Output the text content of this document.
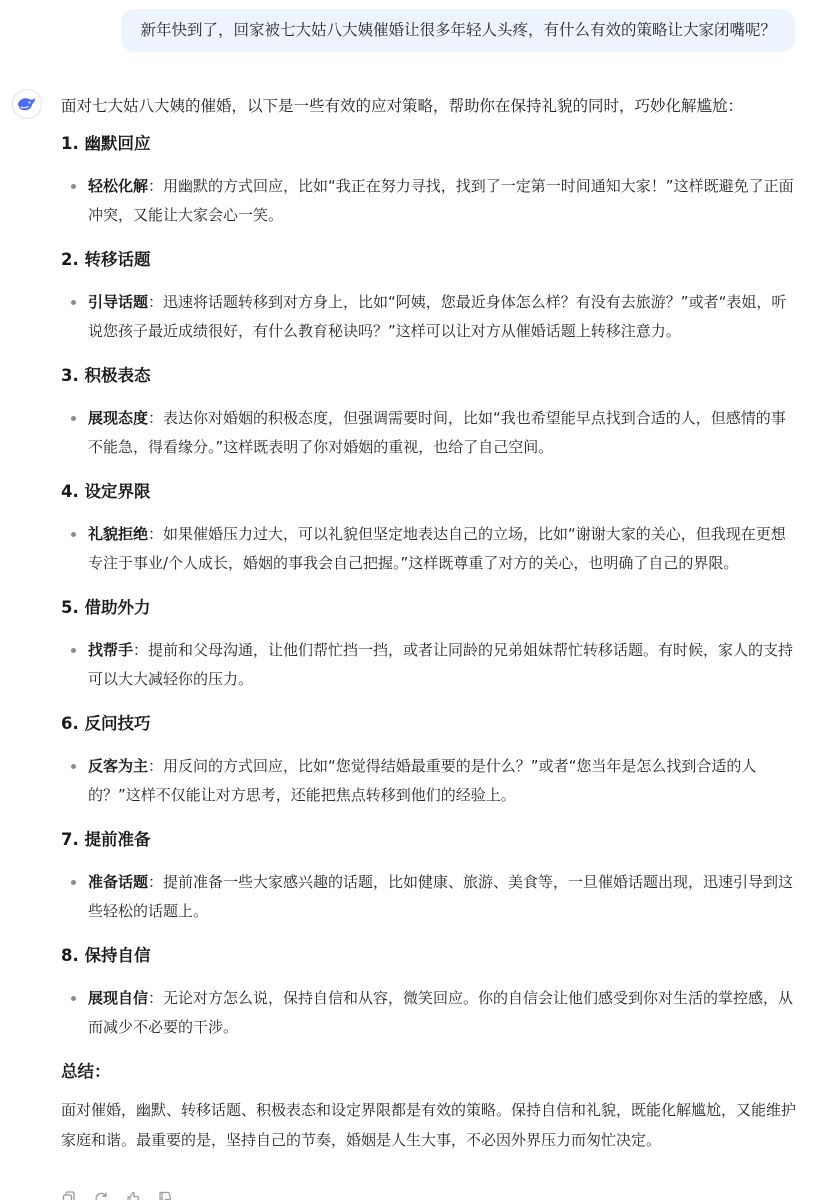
新年快到了，回家被七大姑八大姨催婚让很多年轻人头疼，有什么有效的策略让大家闭嘴呢？

面对七大姑八大姨的催婚，以下是一些有效的应对策略，帮助你在保持礼貌的同时，巧妙化解尴尬：

1. 幽默回应
轻松化解：用幽默的方式回应，比如“我正在努力寻找，找到了一定第一时间通知大家！”这样既避免了正面冲突，又能让大家会心一笑。
2. 转移话题
引导话题：迅速将话题转移到对方身上，比如“阿姨，您最近身体怎么样？有没有去旅游？”或者“表姐，听说您孩子最近成绩很好，有什么教育秘诀吗？”这样可以让对方从催婚话题上转移注意力。
3. 积极表态
展现态度：表达你对婚姻的积极态度，但强调需要时间，比如“我也希望能早点找到合适的人，但感情的事不能急，得看缘分。”这样既表明了你对婚姻的重视，也给了自己空间。
4. 设定界限
礼貌拒绝：如果催婚压力过大，可以礼貌但坚定地表达自己的立场，比如“谢谢大家的关心，但我现在更想专注于事业/个人成长，婚姻的事我会自己把握。”这样既尊重了对方的关心，也明确了自己的界限。
5. 借助外力
找帮手：提前和父母沟通，让他们帮忙挡一挡，或者让同龄的兄弟姐妹帮忙转移话题。有时候，家人的支持可以大大减轻你的压力。
6. 反问技巧
反客为主：用反问的方式回应，比如“您觉得结婚最重要的是什么？”或者“您当年是怎么找到合适的人的？”这样不仅能让对方思考，还能把焦点转移到他们的经验上。
7. 提前准备
准备话题：提前准备一些大家感兴趣的话题，比如健康、旅游、美食等，一旦催婚话题出现，迅速引导到这些轻松的话题上。
8. 保持自信
展现自信：无论对方怎么说，保持自信和从容，微笑回应。你的自信会让他们感受到你对生活的掌控感，从而减少不必要的干涉。
总结：

面对催婚，幽默、转移话题、积极表态和设定界限都是有效的策略。保持自信和礼貌，既能化解尴尬，又能维护家庭和谐。最重要的是，坚持自己的节奏，婚姻是人生大事，不必因外界压力而匆忙决定。
